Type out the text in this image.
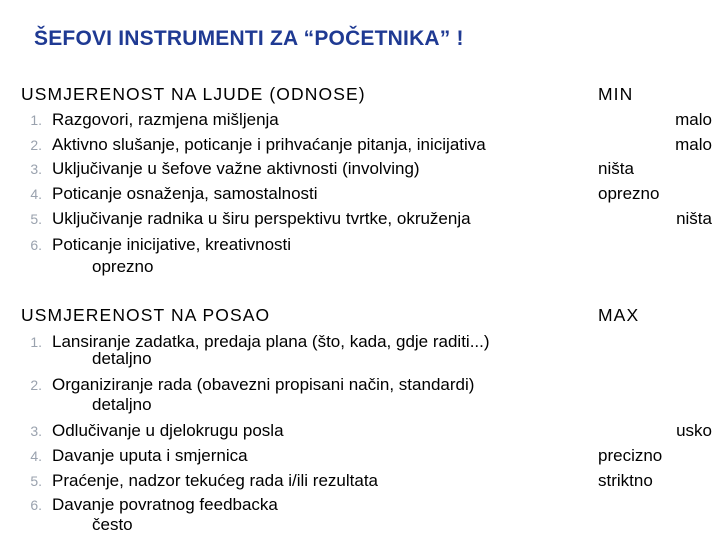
ŠEFOVI INSTRUMENTI ZA “POČETNIKA” !
USMJERENOST NA LJUDE (ODNOSE)	MIN
1. Razgovori, razmjena mišljenja
2. Aktivno slušanje, poticanje i prihvaćanje pitanja, inicijativa
3. Uključivanje u šefove važne aktivnosti (involving)
4. Poticanje osnaženja, samostalnosti
5. Uključivanje radnika u širu perspektivu tvrtke, okruženja
6. Poticanje inicijative, kreativnosti
oprezno
malo
malo
ništa
oprezno
ništa
USMJERENOST NA POSAO	MAX
1. Lansiranje zadatka, predaja plana (što, kada, gdje raditi...)
detaljno
2. Organiziranje rada (obavezni propisani način, standardi)
detaljno
3. Odlučivanje u djelokrugu posla
4. Davanje uputa i smjernica
5. Praćenje, nadzor tekućeg rada i/ili rezultata
6. Davanje povratnog feedbacka
često
usko
precizno
striktno
